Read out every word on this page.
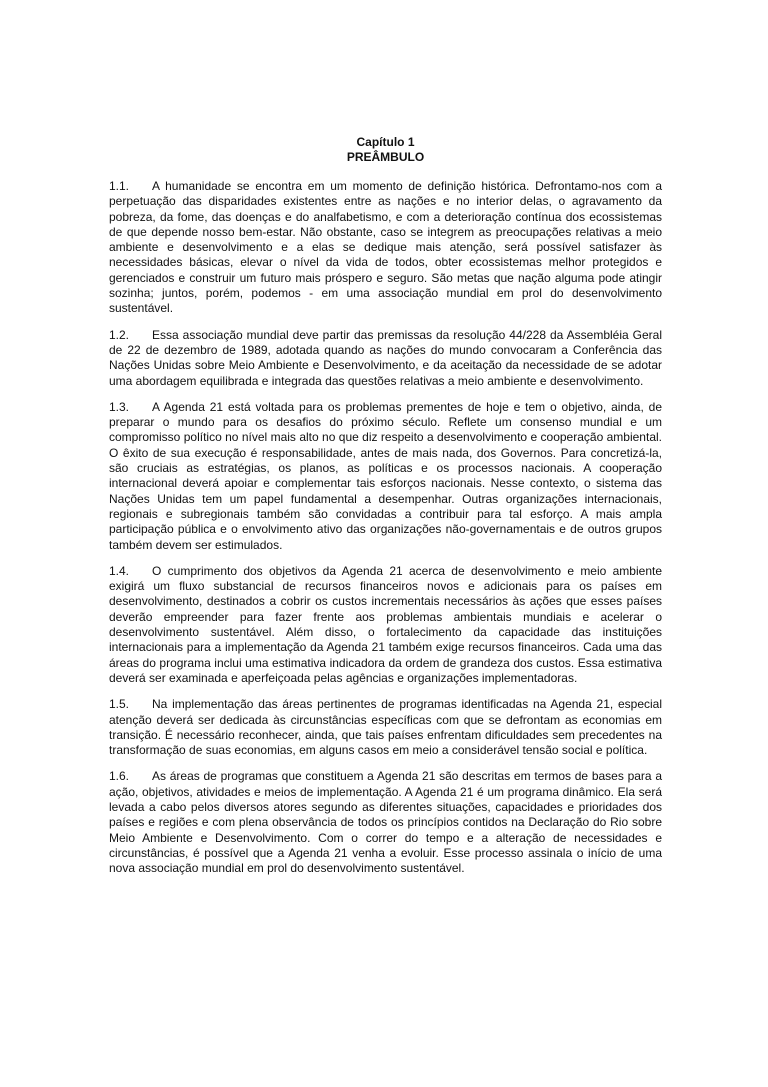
Capítulo 1
PREÂMBULO

1.1. A humanidade se encontra em um momento de definição histórica. Defrontamo-nos com a perpetuação das disparidades existentes entre as nações e no interior delas, o agravamento da pobreza, da fome, das doenças e do analfabetismo, e com a deterioração contínua dos ecossistemas de que depende nosso bem-estar. Não obstante, caso se integrem as preocupações relativas a meio ambiente e desenvolvimento e a elas se dedique mais atenção, será possível satisfazer às necessidades básicas, elevar o nível da vida de todos, obter ecossistemas melhor protegidos e gerenciados e construir um futuro mais próspero e seguro. São metas que nação alguma pode atingir sozinha; juntos, porém, podemos - em uma associação mundial em prol do desenvolvimento sustentável.

1.2. Essa associação mundial deve partir das premissas da resolução 44/228 da Assembléia Geral de 22 de dezembro de 1989, adotada quando as nações do mundo convocaram a Conferência das Nações Unidas sobre Meio Ambiente e Desenvolvimento, e da aceitação da necessidade de se adotar uma abordagem equilibrada e integrada das questões relativas a meio ambiente e desenvolvimento.

1.3. A Agenda 21 está voltada para os problemas prementes de hoje e tem o objetivo, ainda, de preparar o mundo para os desafios do próximo século. Reflete um consenso mundial e um compromisso político no nível mais alto no que diz respeito a desenvolvimento e cooperação ambiental. O êxito de sua execução é responsabilidade, antes de mais nada, dos Governos. Para concretizá-la, são cruciais as estratégias, os planos, as políticas e os processos nacionais. A cooperação internacional deverá apoiar e complementar tais esforços nacionais. Nesse contexto, o sistema das Nações Unidas tem um papel fundamental a desempenhar. Outras organizações internacionais, regionais e subregionais também são convidadas a contribuir para tal esforço. A mais ampla participação pública e o envolvimento ativo das organizações não-governamentais e de outros grupos também devem ser estimulados.

1.4. O cumprimento dos objetivos da Agenda 21 acerca de desenvolvimento e meio ambiente exigirá um fluxo substancial de recursos financeiros novos e adicionais para os países em desenvolvimento, destinados a cobrir os custos incrementais necessários às ações que esses países deverão empreender para fazer frente aos problemas ambientais mundiais e acelerar o desenvolvimento sustentável. Além disso, o fortalecimento da capacidade das instituições internacionais para a implementação da Agenda 21 também exige recursos financeiros. Cada uma das áreas do programa inclui uma estimativa indicadora da ordem de grandeza dos custos. Essa estimativa deverá ser examinada e aperfeiçoada pelas agências e organizações implementadoras.

1.5. Na implementação das áreas pertinentes de programas identificadas na Agenda 21, especial atenção deverá ser dedicada às circunstâncias específicas com que se defrontam as economias em transição. É necessário reconhecer, ainda, que tais países enfrentam dificuldades sem precedentes na transformação de suas economias, em alguns casos em meio a considerável tensão social e política.

1.6. As áreas de programas que constituem a Agenda 21 são descritas em termos de bases para a ação, objetivos, atividades e meios de implementação. A Agenda 21 é um programa dinâmico. Ela será levada a cabo pelos diversos atores segundo as diferentes situações, capacidades e prioridades dos países e regiões e com plena observância de todos os princípios contidos na Declaração do Rio sobre Meio Ambiente e Desenvolvimento. Com o correr do tempo e a alteração de necessidades e circunstâncias, é possível que a Agenda 21 venha a evoluir. Esse processo assinala o início de uma nova associação mundial em prol do desenvolvimento sustentável.
